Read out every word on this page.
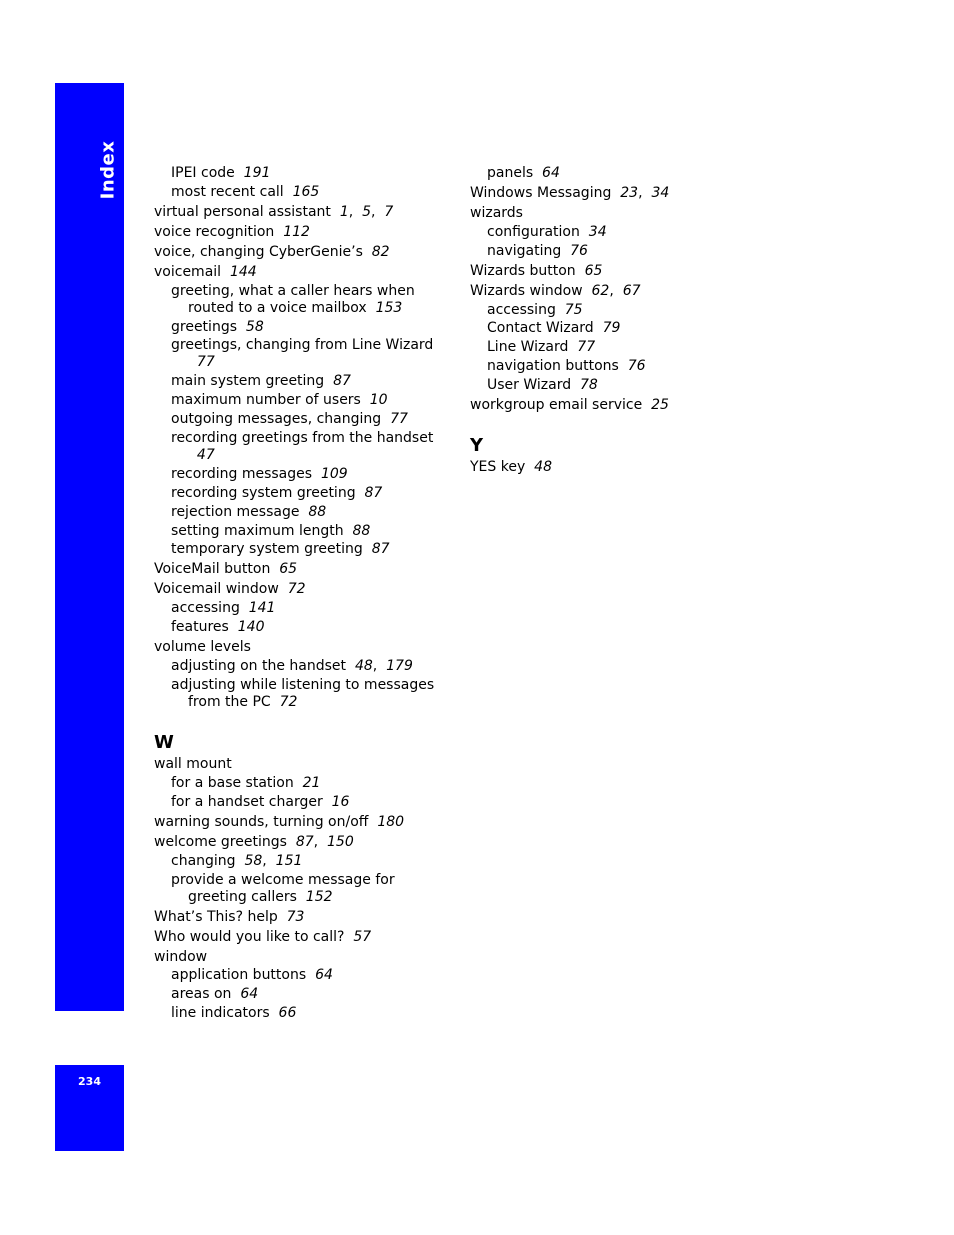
Index
234
IPEI code 191
most recent call 165
virtual personal assistant 1,  5,  7
voice recognition 112
voice, changing CyberGenie’s 82
voicemail 144
greeting, what a caller hears when
routed to a voice mailbox 153
greetings 58
greetings, changing from Line Wizard
77
main system greeting 87
maximum number of users 10
outgoing messages, changing 77
recording greetings from the handset
47
recording messages 109
recording system greeting 87
rejection message 88
setting maximum length 88
temporary system greeting 87
VoiceMail button 65
Voicemail window 72
accessing 141
features 140
volume levels
adjusting on the handset 48,  179
adjusting while listening to messages
from the PC 72
W
wall mount
for a base station 21
for a handset charger 16
warning sounds, turning on/off 180
welcome greetings 87,  150
changing 58,  151
provide a welcome message for
greeting callers 152
What’s This? help 73
Who would you like to call? 57
window
application buttons 64
areas on 64
line indicators 66
panels 64
Windows Messaging 23,  34
wizards
configuration 34
navigating 76
Wizards button 65
Wizards window 62,  67
accessing 75
Contact Wizard 79
Line Wizard 77
navigation buttons 76
User Wizard 78
workgroup email service 25
Y
YES key 48
